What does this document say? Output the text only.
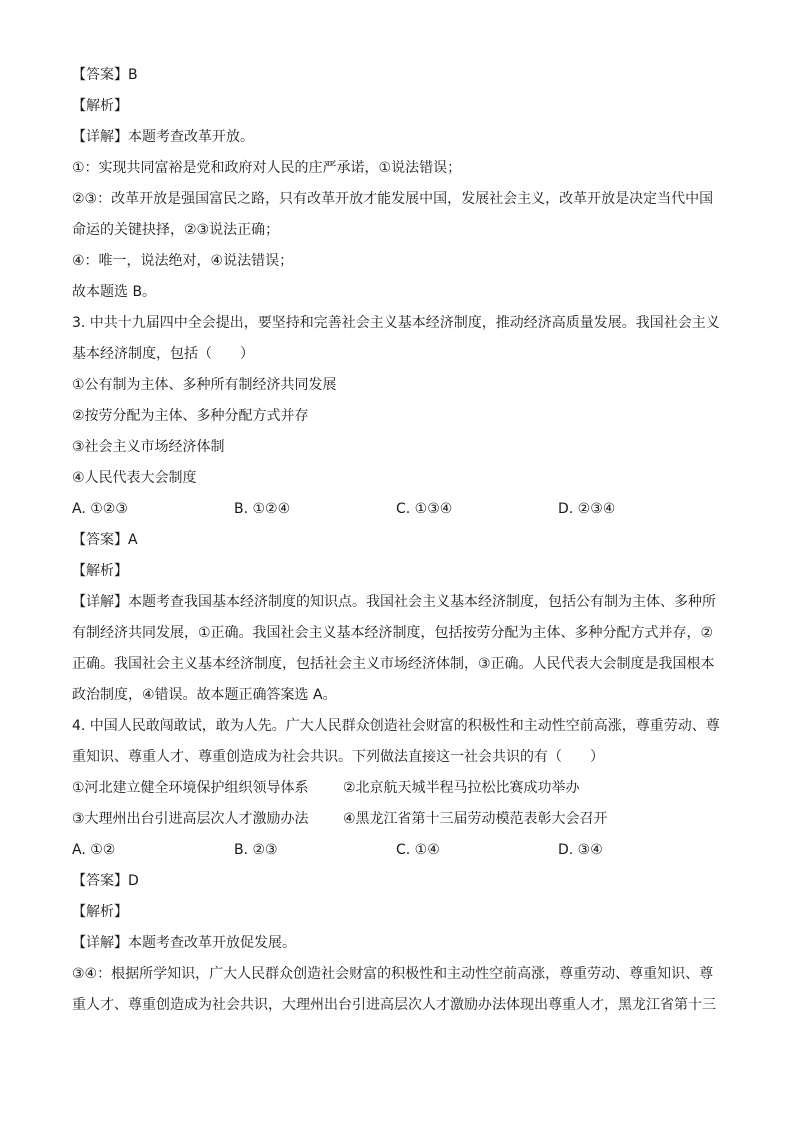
【答案】B
【解析】
【详解】本题考查改革开放。
①：实现共同富裕是党和政府对人民的庄严承诺，①说法错误；
②③：改革开放是强国富民之路，只有改革开放才能发展中国，发展社会主义，改革开放是决定当代中国
命运的关键抉择，②③说法正确；
④：唯一，说法绝对，④说法错误；
故本题选 B。
3. 中共十九届四中全会提出，要坚持和完善社会主义基本经济制度，推动经济高质量发展。我国社会主义
基本经济制度，包括（　　）
①公有制为主体、多种所有制经济共同发展
②按劳分配为主体、多种分配方式并存
③社会主义市场经济体制
④人民代表大会制度
A. ①②③	B. ①②④	C. ①③④	D. ②③④
【答案】A
【解析】
【详解】本题考查我国基本经济制度的知识点。我国社会主义基本经济制度，包括公有制为主体、多种所
有制经济共同发展，①正确。我国社会主义基本经济制度，包括按劳分配为主体、多种分配方式并存，②
正确。我国社会主义基本经济制度，包括社会主义市场经济体制，③正确。人民代表大会制度是我国根本
政治制度，④错误。故本题正确答案选 A。
4. 中国人民敢闯敢试，敢为人先。广大人民群众创造社会财富的积极性和主动性空前高涨，尊重劳动、尊
重知识、尊重人才、尊重创造成为社会共识。下列做法直接这一社会共识的有（　　）
①河北建立健全环境保护组织领导体系	②北京航天城半程马拉松比赛成功举办
③大理州出台引进高层次人才激励办法	④黑龙江省第十三届劳动模范表彰大会召开
A. ①②	B. ②③	C. ①④	D. ③④
【答案】D
【解析】
【详解】本题考查改革开放促发展。
③④：根据所学知识，广大人民群众创造社会财富的积极性和主动性空前高涨，尊重劳动、尊重知识、尊
重人才、尊重创造成为社会共识，大理州出台引进高层次人才激励办法体现出尊重人才，黑龙江省第十三
